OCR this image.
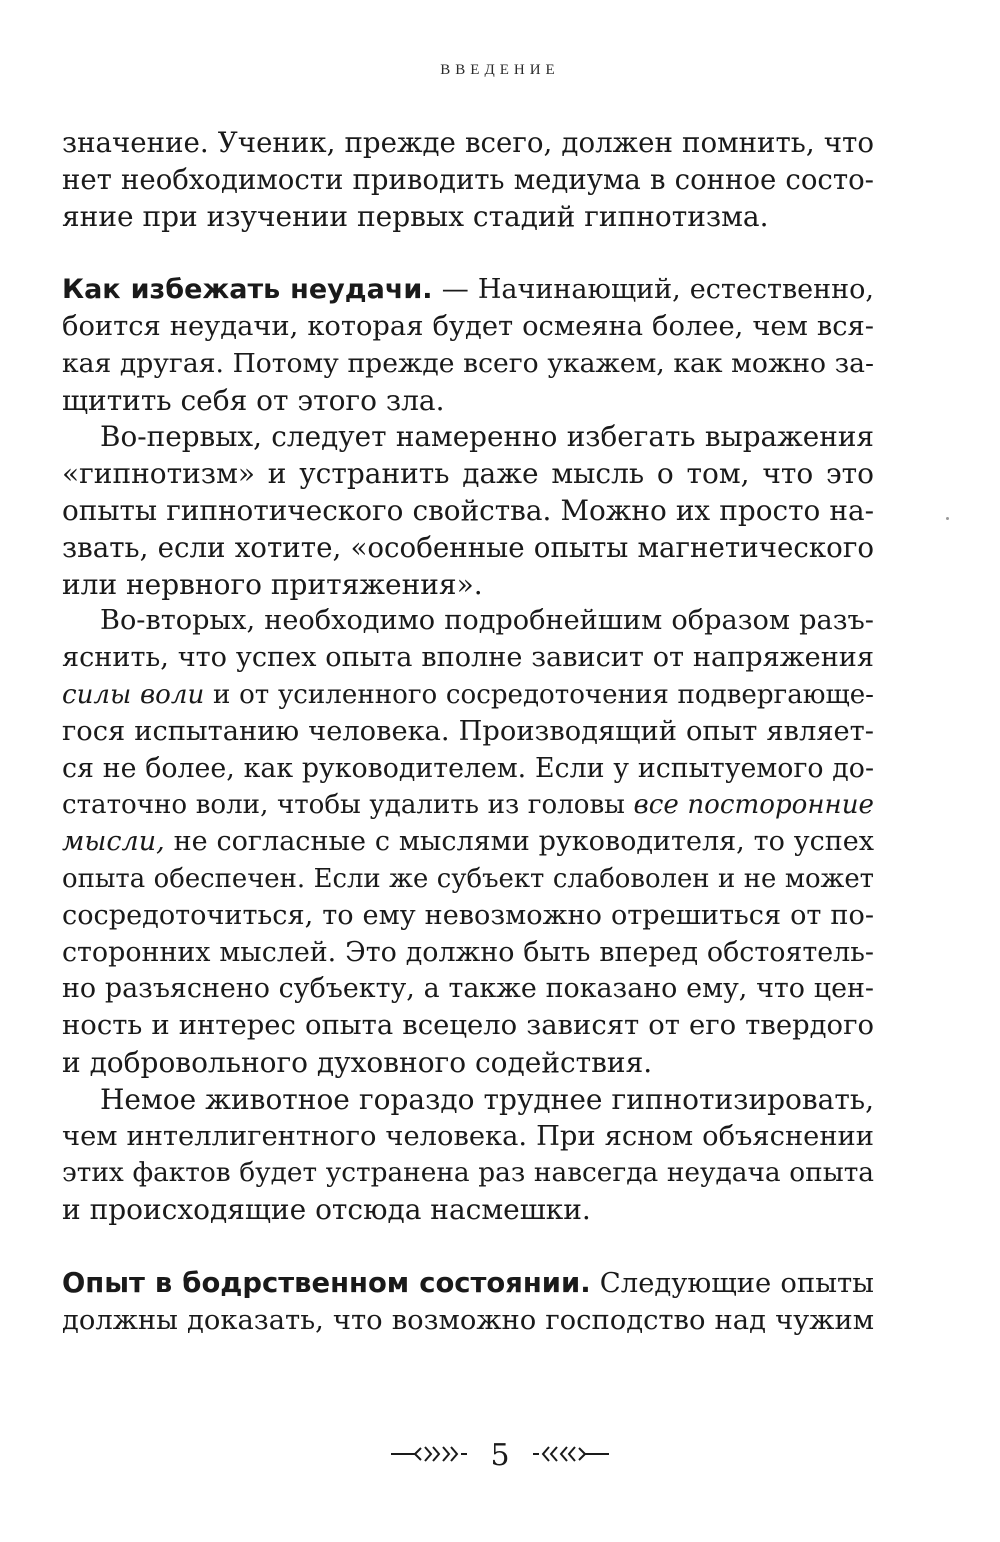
ВВЕДЕНИЕ
значение. Ученик, прежде всего, должен помнить, что
нет необходимости приводить медиума в сонное состо-
яние при изучении первых стадий гипнотизма.
Как избежать неудачи. — Начинающий, естественно,
боится неудачи, которая будет осмеяна более, чем вся-
кая другая. Потому прежде всего укажем, как можно за-
щитить себя от этого зла.
Во-первых, следует намеренно избегать выражения
«гипнотизм» и устранить даже мысль о том, что это
опыты гипнотического свойства. Можно их просто на-
звать, если хотите, «особенные опыты магнетического
или нервного притяжения».
Во-вторых, необходимо подробнейшим образом разъ-
яснить, что успех опыта вполне зависит от напряжения
силы воли и от усиленного сосредоточения подвергающе-
гося испытанию человека. Производящий опыт являет-
ся не более, как руководителем. Если у испытуемого до-
статочно воли, чтобы удалить из головы все посторонние
мысли, не согласные с мыслями руководителя, то успех
опыта обеспечен. Если же субъект слабоволен и не может
сосредоточиться, то ему невозможно отрешиться от по-
сторонних мыслей. Это должно быть вперед обстоятель-
но разъяснено субъекту, а также показано ему, что цен-
ность и интерес опыта всецело зависят от его твердого
и добровольного духовного содействия.
Немое животное гораздо труднее гипнотизировать,
чем интеллигентного человека. При ясном объяснении
этих фактов будет устранена раз навсегда неудача опыта
и происходящие отсюда насмешки.
Опыт в бодрственном состоянии. Следующие опыты
должны доказать, что возможно господство над чужим
5
